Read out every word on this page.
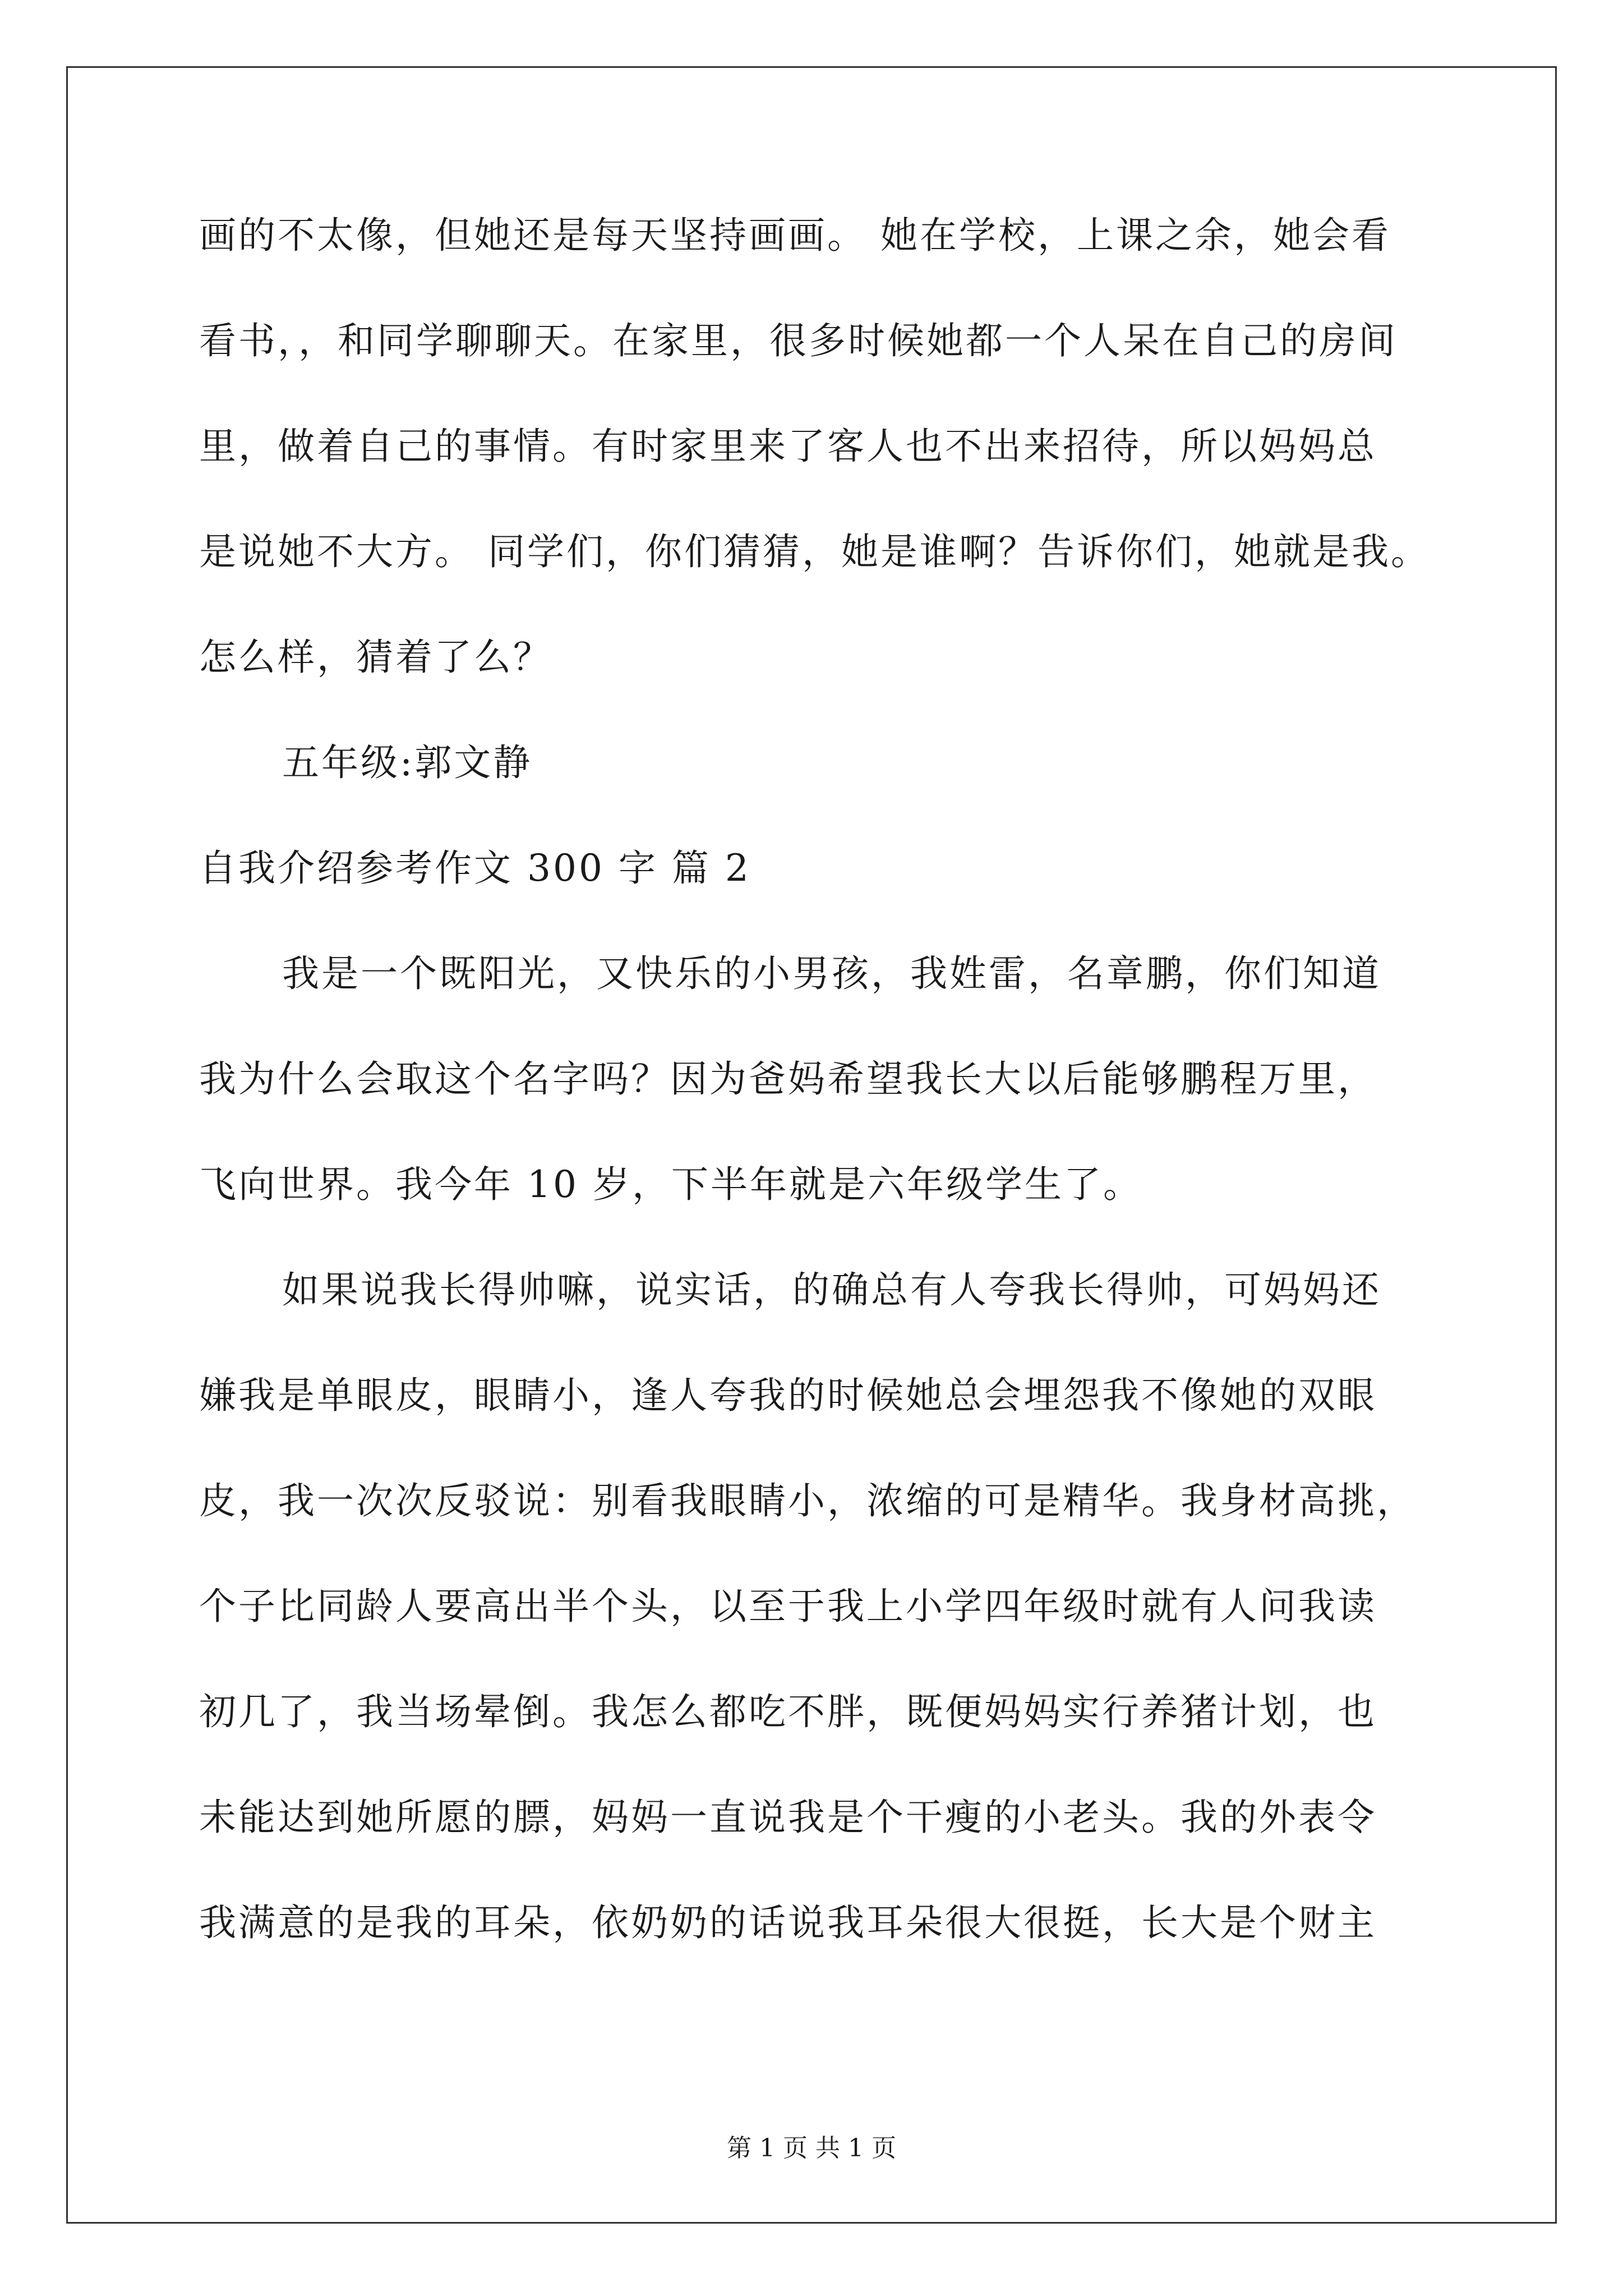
画的不太像，但她还是每天坚持画画。 她在学校，上课之余，她会看
看书，，和同学聊聊天。在家里，很多时候她都一个人呆在自己的房间
里，做着自己的事情。有时家里来了客人也不出来招待，所以妈妈总
是说她不大方。 同学们，你们猜猜，她是谁啊？告诉你们，她就是我。
怎么样，猜着了么？
五年级:郭文静
自我介绍参考作文 300 字 篇 2
我是一个既阳光，又快乐的小男孩，我姓雷，名章鹏，你们知道
我为什么会取这个名字吗？因为爸妈希望我长大以后能够鹏程万里，
飞向世界。我今年 10 岁，下半年就是六年级学生了。
如果说我长得帅嘛，说实话，的确总有人夸我长得帅，可妈妈还
嫌我是单眼皮，眼睛小，逢人夸我的时候她总会埋怨我不像她的双眼
皮，我一次次反驳说：别看我眼睛小，浓缩的可是精华。我身材高挑，
个子比同龄人要高出半个头，以至于我上小学四年级时就有人问我读
初几了，我当场晕倒。我怎么都吃不胖，既便妈妈实行养猪计划，也
未能达到她所愿的膘，妈妈一直说我是个干瘦的小老头。我的外表令
我满意的是我的耳朵，依奶奶的话说我耳朵很大很挺，长大是个财主
第 1 页 共 1 页
